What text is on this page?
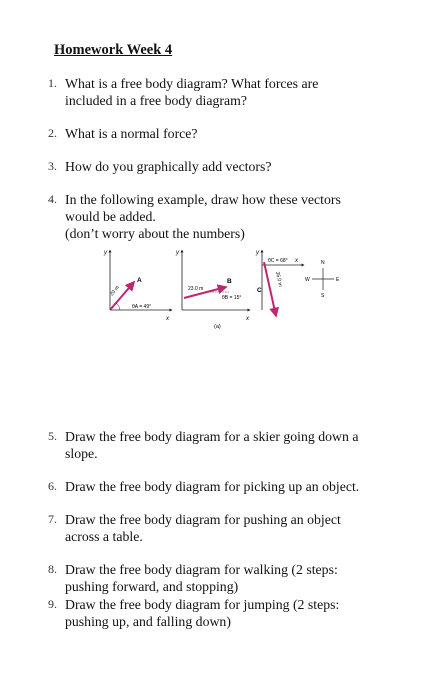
Homework Week 4
1. What is a free body diagram? What forces are
included in a free body diagram?
2. What is a normal force?
3. How do you graphically add vectors?
4. In the following example, draw how these vectors
would be added.
(don’t worry about the numbers)
y
x
A
20 m
θA = 49°
y
x
B
23.0 m
θB = 15°
y
x
C
35.0 m
θC = 68°	N
S
E
W
(a)
5. Draw the free body diagram for a skier going down a
slope.
6. Draw the free body diagram for picking up an object.
7. Draw the free body diagram for pushing an object
across a table.
8. Draw the free body diagram for walking (2 steps:
pushing forward, and stopping)
9. Draw the free body diagram for jumping (2 steps:
pushing up, and falling down)
